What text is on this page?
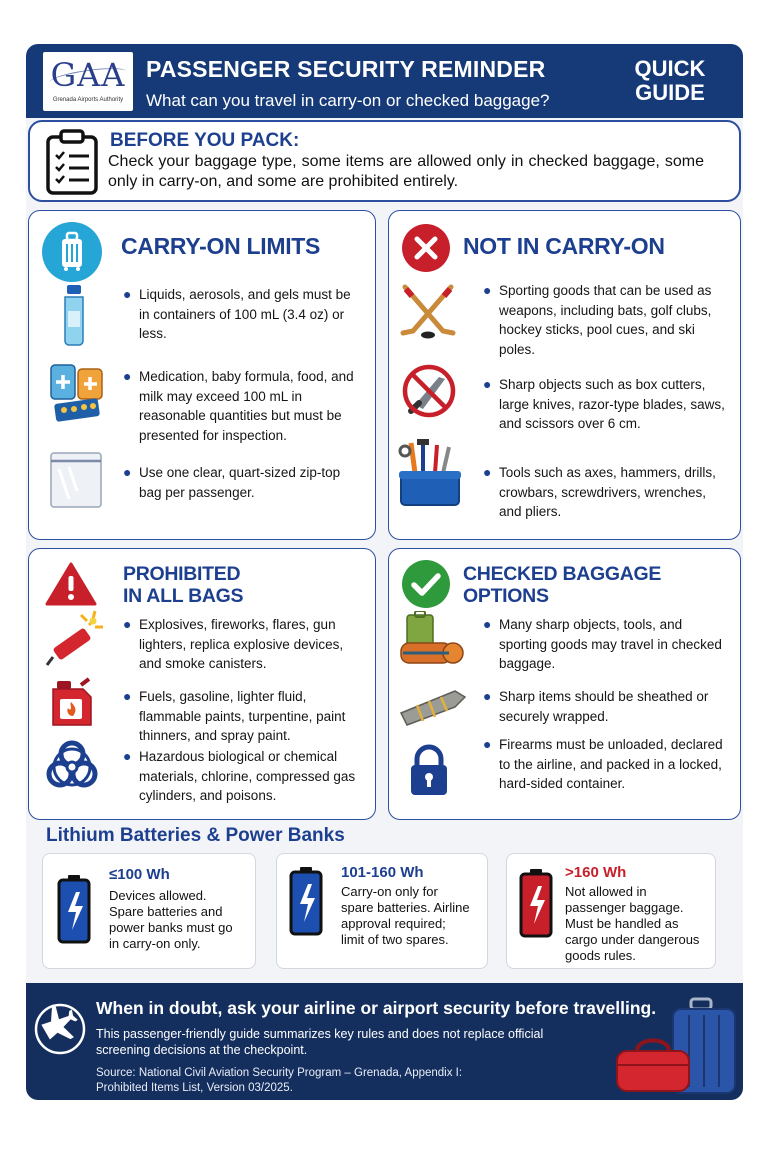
GAA
Grenada Airports Authority
PASSENGER SECURITY REMINDER
What can you travel in carry-on or checked baggage?
QUICK
GUIDE
BEFORE YOU PACK:
Check your baggage type, some items are allowed only in checked baggage, some only in carry-on, and some are prohibited entirely.
CARRY-ON LIMITS
● Liquids, aerosols, and gels must be in containers of 100 mL (3.4 oz) or less.
● Medication, baby formula, food, and milk may exceed 100 mL in reasonable quantities but must be presented for inspection.
● Use one clear, quart-sized zip-top bag per passenger.
NOT IN CARRY-ON
● Sporting goods that can be used as weapons, including bats, golf clubs, hockey sticks, pool cues, and ski poles.
● Sharp objects such as box cutters, large knives, razor-type blades, saws, and scissors over 6 cm.
● Tools such as axes, hammers, drills, crowbars, screwdrivers, wrenches, and pliers.
PROHIBITED
IN ALL BAGS
● Explosives, fireworks, flares, gun lighters, replica explosive devices, and smoke canisters.
● Fuels, gasoline, lighter fluid, flammable paints, turpentine, paint thinners, and spray paint.
● Hazardous biological or chemical materials, chlorine, compressed gas cylinders, and poisons.
CHECKED BAGGAGE
OPTIONS
● Many sharp objects, tools, and sporting goods may travel in checked baggage.
● Sharp items should be sheathed or securely wrapped.
● Firearms must be unloaded, declared to the airline, and packed in a locked, hard-sided container.
Lithium Batteries & Power Banks
≤100 Wh
Devices allowed. Spare batteries and power banks must go in carry-on only.
101-160 Wh
Carry-on only for spare batteries. Airline approval required; limit of two spares.
>160 Wh
Not allowed in passenger baggage. Must be handled as cargo under dangerous goods rules.
When in doubt, ask your airline or airport security before travelling.
This passenger-friendly guide summarizes key rules and does not replace official screening decisions at the checkpoint.
Source: National Civil Aviation Security Program – Grenada, Appendix I: Prohibited Items List, Version 03/2025.
